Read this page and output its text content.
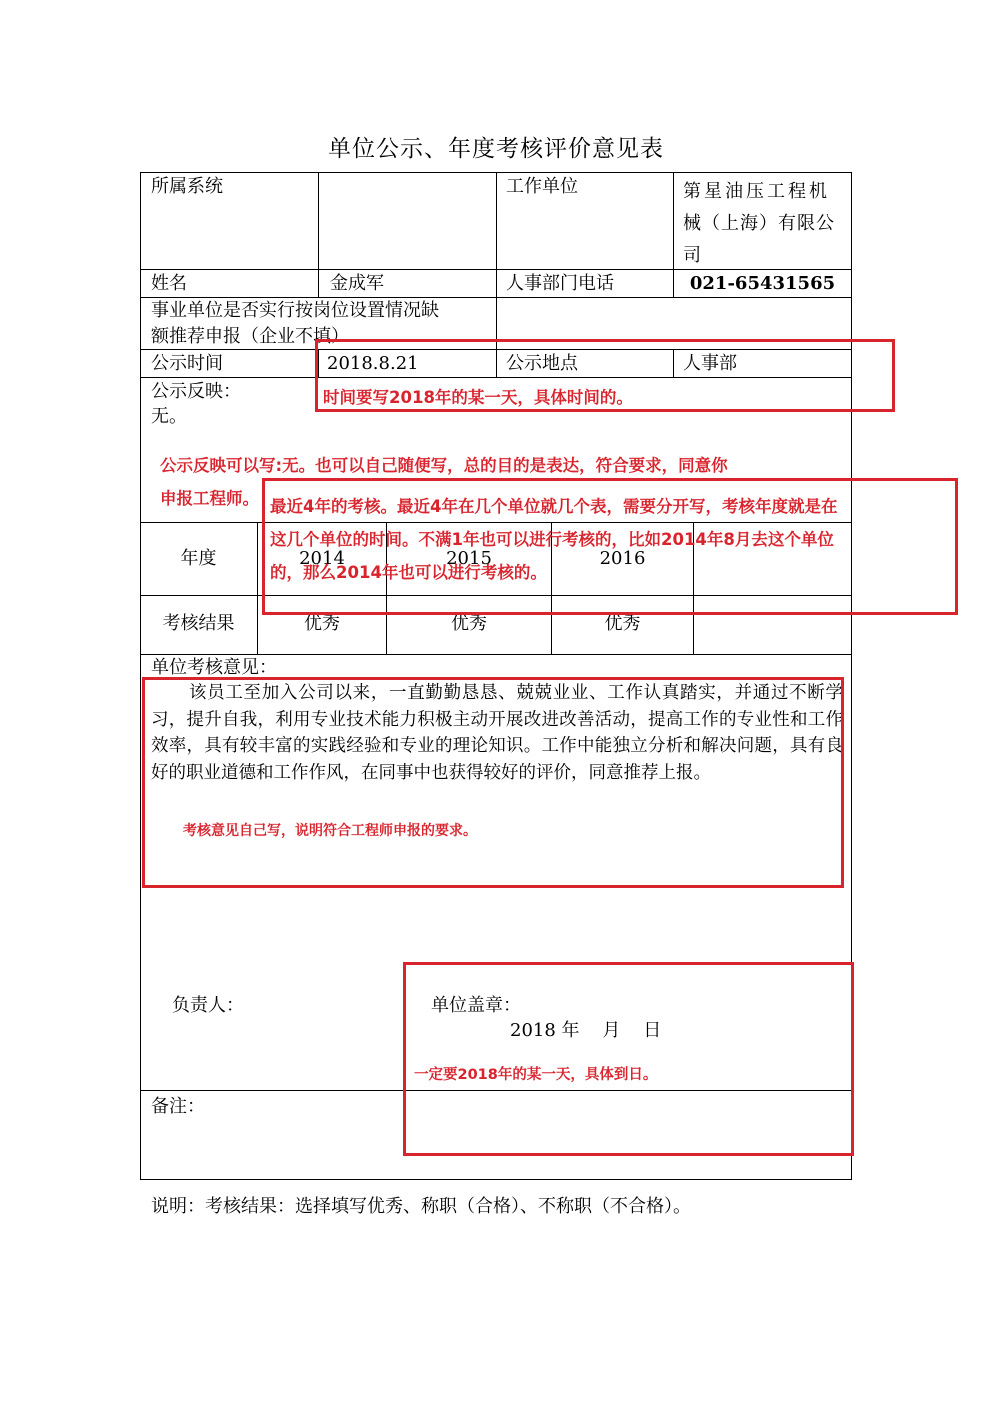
单位公示、年度考核评价意见表
所属系统	工作单位	第星油压工程机
械（上海）有限公
司
姓名	金成军	人事部门电话	021-65431565
事业单位是否实行按岗位设置情况缺
额推荐申报（企业不填）
公示时间	2018.8.21	公示地点	人事部
公示反映：
无。
年度	2014	2015	2016
考核结果	优秀	优秀	优秀
单位考核意见：
该员工至加入公司以来，一直勤勤恳恳、兢兢业业、工作认真踏实，并通过不断学习，提升自我，利用专业技术能力积极主动开展改进改善活动，提高工作的专业性和工作效率，具有较丰富的实践经验和专业的理论知识。工作中能独立分析和解决问题，具有良好的职业道德和工作作风，在同事中也获得较好的评价，同意推荐上报。
负责人：	单位盖章：
2018 年    月    日
备注：
说明：考核结果：选择填写优秀、称职（合格）、不称职（不合格）。
时间要写2018年的某一天，具体时间的。
公示反映可以写:无。也可以自己随便写，总的目的是表达，符合要求，同意你
申报工程师。 最近4年的考核。最近4年在几个单位就几个表，需要分开写，考核年度就是在
这几个单位的时间。不满1年也可以进行考核的，比如2014年8月去这个单位
的，那么2014年也可以进行考核的。
考核意见自己写，说明符合工程师申报的要求。
一定要2018年的某一天，具体到日。
